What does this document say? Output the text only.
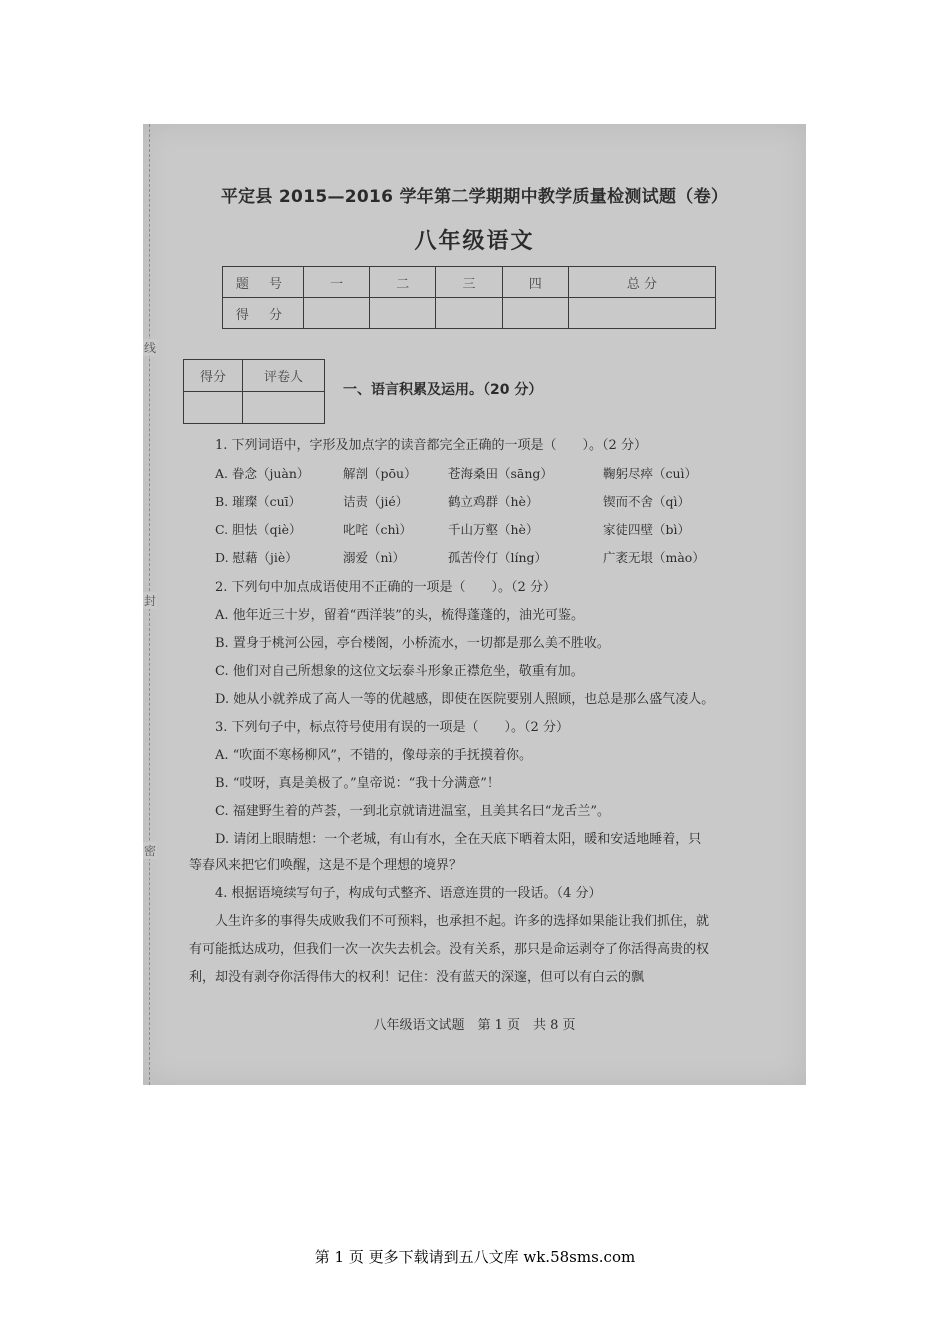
线
封
密
平定县 2015—2016 学年第二学期期中教学质量检测试题（卷）
八年级语文
题 号	一	二	三	四	总 分
得 分					
得分	评卷人

一、语言积累及运用。（20 分）
1. 下列词语中，字形及加点字的读音都完全正确的一项是（　　）。（2 分）
A. 眷念（juàn）	解剖（pōu）	苍海桑田（sāng）	鞠躬尽瘁（cuì）
B. 璀璨（cuī）	诘责（jié）	鹤立鸡群（hè）	锲而不舍（qì）
C. 胆怯（qiè）	叱咤（chì）	千山万壑（hè）	家徒四壁（bì）
D. 慰藉（jiè）	溺爱（nì）	孤苦伶仃（líng）	广袤无垠（mào）
2. 下列句中加点成语使用不正确的一项是（　　）。（2 分）
A. 他年近三十岁，留着“西洋装”的头，梳得蓬蓬的，油光可鉴。
B. 置身于桃河公园，亭台楼阁，小桥流水，一切都是那么美不胜收。
C. 他们对自己所想象的这位文坛泰斗形象正襟危坐，敬重有加。
D. 她从小就养成了高人一等的优越感，即使在医院要别人照顾，也总是那么盛气凌人。
3. 下列句子中，标点符号使用有误的一项是（　　）。（2 分）
A. “吹面不寒杨柳风”，不错的，像母亲的手抚摸着你。
B. “哎呀，真是美极了。”皇帝说：“我十分满意”！
C. 福建野生着的芦荟，一到北京就请进温室，且美其名曰“龙舌兰”。
D. 请闭上眼睛想：一个老城，有山有水，全在天底下晒着太阳，暖和安适地睡着，只
等春风来把它们唤醒，这是不是个理想的境界？
4. 根据语境续写句子，构成句式整齐、语意连贯的一段话。（4 分）
人生许多的事得失成败我们不可预料，也承担不起。许多的选择如果能让我们抓住，就
有可能抵达成功，但我们一次一次失去机会。没有关系，那只是命运剥夺了你活得高贵的权
利，却没有剥夺你活得伟大的权利！记住：没有蓝天的深邃，但可以有白云的飘
八年级语文试题　第 1 页　共 8 页
第 1 页 更多下载请到五八文库 wk.58sms.com
